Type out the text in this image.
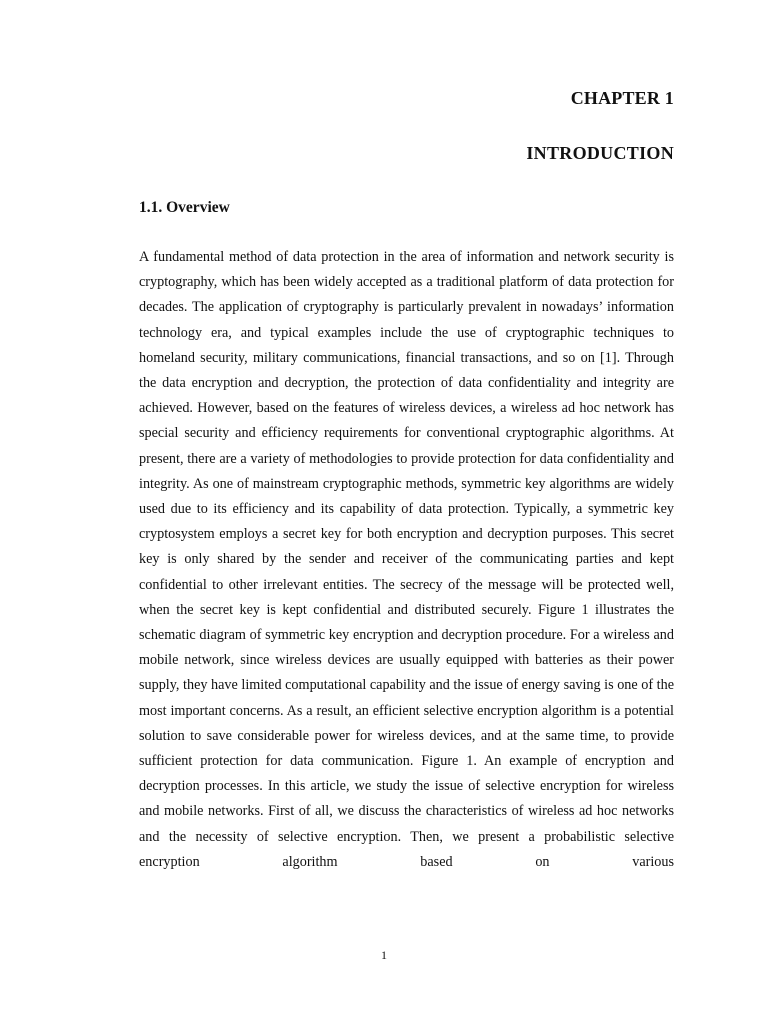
CHAPTER 1
INTRODUCTION
1.1. Overview

A fundamental method of data protection in the area of information and network security is cryptography, which has been widely accepted as a traditional platform of data protection for decades. The application of cryptography is particularly prevalent in nowadays’ information technology era, and typical examples include the use of cryptographic techniques to homeland security, military communications, financial transactions, and so on [1]. Through the data encryption and decryption, the protection of data confidentiality and integrity are achieved. However, based on the features of wireless devices, a wireless ad hoc network has special security and efficiency requirements for conventional cryptographic algorithms. At present, there are a variety of methodologies to provide protection for data confidentiality and integrity. As one of mainstream cryptographic methods, symmetric key algorithms are widely used due to its efficiency and its capability of data protection. Typically, a symmetric key cryptosystem employs a secret key for both encryption and decryption purposes. This secret key is only shared by the sender and receiver of the communicating parties and kept confidential to other irrelevant entities. The secrecy of the message will be protected well, when the secret key is kept confidential and distributed securely. Figure 1 illustrates the schematic diagram of symmetric key encryption and decryption procedure. For a wireless and mobile network, since wireless devices are usually equipped with batteries as their power supply, they have limited computational capability and the issue of energy saving is one of the most important concerns. As a result, an efficient selective encryption algorithm is a potential solution to save considerable power for wireless devices, and at the same time, to provide sufficient protection for data communication. Figure 1. An example of encryption and decryption processes. In this article, we study the issue of selective encryption for wireless and mobile networks. First of all, we discuss the characteristics of wireless ad hoc networks and the necessity of selective encryption. Then, we present a probabilistic selective encryption algorithm based on various

1
